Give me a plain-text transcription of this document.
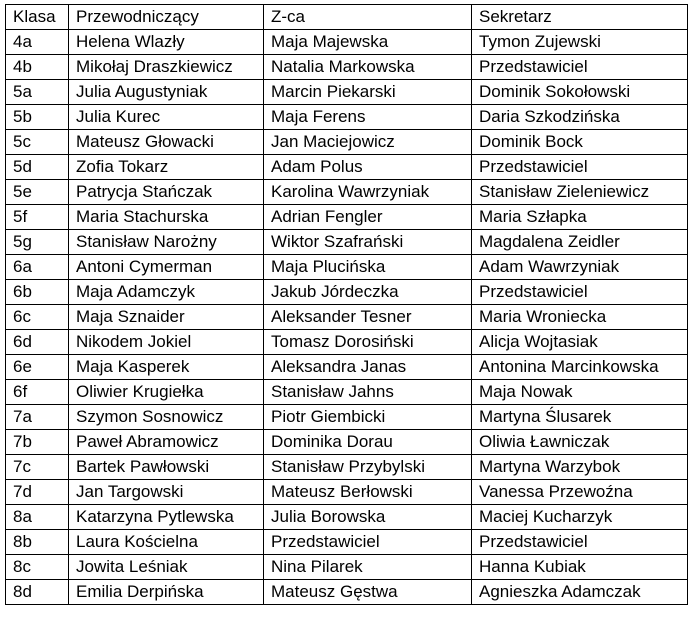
Klasa	Przewodniczący	Z-ca	Sekretarz
4a	Helena Wlazły	Maja Majewska	Tymon Zujewski
4b	Mikołaj Draszkiewicz	Natalia Markowska	Przedstawiciel
5a	Julia Augustyniak	Marcin Piekarski	Dominik Sokołowski
5b	Julia Kurec	Maja Ferens	Daria Szkodzińska
5c	Mateusz Głowacki	Jan Maciejowicz	Dominik Bock
5d	Zofia Tokarz	Adam Polus	Przedstawiciel
5e	Patrycja Stańczak	Karolina Wawrzyniak	Stanisław Zieleniewicz
5f	Maria Stachurska	Adrian Fengler	Maria Szłapka
5g	Stanisław Narożny	Wiktor Szafrański	Magdalena Zeidler
6a	Antoni Cymerman	Maja Plucińska	Adam Wawrzyniak
6b	Maja Adamczyk	Jakub Jórdeczka	Przedstawiciel
6c	Maja Sznaider	Aleksander Tesner	Maria Wroniecka
6d	Nikodem Jokiel	Tomasz Dorosiński	Alicja Wojtasiak
6e	Maja Kasperek	Aleksandra Janas	Antonina Marcinkowska
6f	Oliwier Krugiełka	Stanisław Jahns	Maja Nowak
7a	Szymon Sosnowicz	Piotr Giembicki	Martyna Ślusarek
7b	Paweł Abramowicz	Dominika Dorau	Oliwia Ławniczak
7c	Bartek Pawłowski	Stanisław Przybylski	Martyna Warzybok
7d	Jan Targowski	Mateusz Berłowski	Vanessa Przewoźna
8a	Katarzyna Pytlewska	Julia Borowska	Maciej Kucharzyk
8b	Laura Kościelna	Przedstawiciel	Przedstawiciel
8c	Jowita Leśniak	Nina Pilarek	Hanna Kubiak
8d	Emilia Derpińska	Mateusz Gęstwa	Agnieszka Adamczak
